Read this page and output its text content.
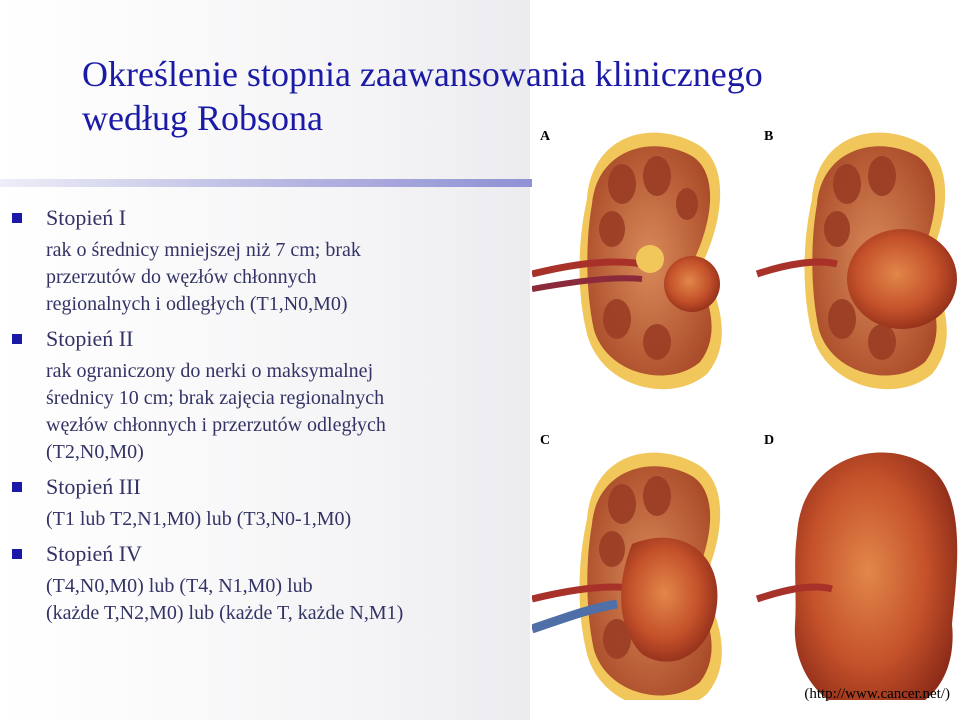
Określenie stopnia zaawansowania klinicznego
według Robsona
Stopień I
rak o średnicy mniejszej niż 7 cm; brak
przerzutów do węzłów chłonnych
regionalnych i odległych (T1,N0,M0)
Stopień II
rak ograniczony do nerki o maksymalnej
średnicy 10 cm; brak zajęcia regionalnych
węzłów chłonnych i przerzutów odległych
(T2,N0,M0)
Stopień III
(T1 lub T2,N1,M0) lub (T3,N0-1,M0)
Stopień IV
(T4,N0,M0) lub (T4, N1,M0) lub
(każde T,N2,M0) lub (każde T, każde N,M1)
A	B
C	D
(http://www.cancer.net/)
